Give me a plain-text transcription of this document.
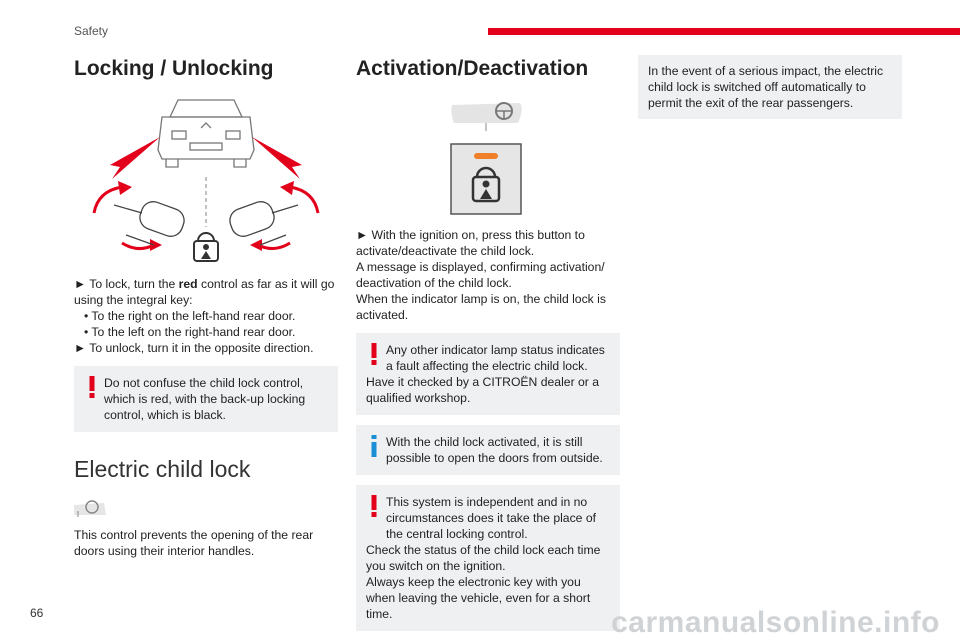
Safety
Locking / Unlocking

► To lock, turn the red control as far as it will go using the integral key:

• To the right on the left-hand rear door.
• To the left on the right-hand rear door.

► To unlock, turn it in the opposite direction.

Do not confuse the child lock control, which is red, with the back-up locking control, which is black.
Electric child lock

This control prevents the opening of the rear doors using their interior handles.

Activation/Deactivation

► With the ignition on, press this button to activate/deactivate the child lock.

A message is displayed, confirming activation/ deactivation of the child lock.

When the indicator lamp is on, the child lock is activated.

Any other indicator lamp status indicates a fault affecting the electric child lock.
Have it checked by a CITROËN dealer or a qualified workshop.
With the child lock activated, it is still possible to open the doors from outside.
This system is independent and in no circumstances does it take the place of the central locking control.
Check the status of the child lock each time you switch on the ignition.
Always keep the electronic key with you when leaving the vehicle, even for a short time.
In the event of a serious impact, the electric child lock is switched off automatically to permit the exit of the rear passengers.
66	carmanualsonline.info
